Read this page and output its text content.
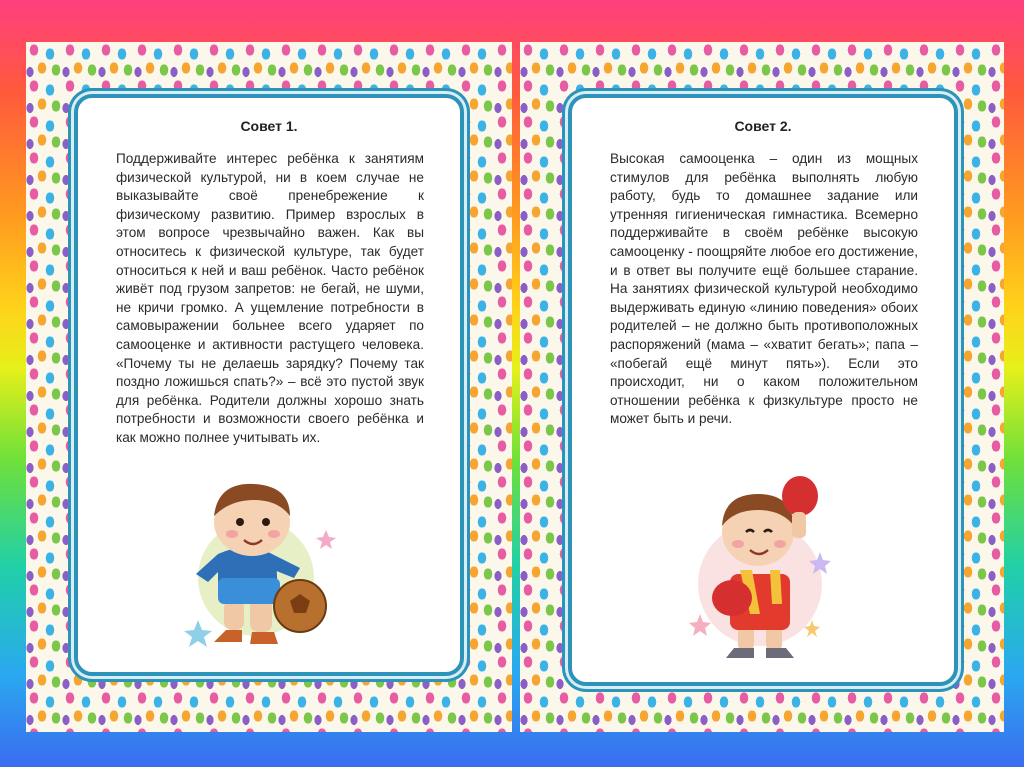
Совет 1.

Поддерживайте интерес ребёнка к занятиям физической культурой, ни в коем случае не выказывайте своё пренебрежение к физическому развитию. Пример взрослых в этом вопросе чрезвычайно важен. Как вы относитесь к физической культуре, так будет относиться к ней и ваш ребёнок. Часто ребёнок живёт под грузом запретов: не бегай, не шуми, не кричи громко. А ущемление потребности в самовыражении больнее всего ударяет по самооценке и активности растущего человека. «Почему ты не делаешь зарядку? Почему так поздно ложишься спать?» – всё это пустой звук для ребёнка. Родители должны хорошо знать потребности и возможности своего ребёнка и как можно полнее учитывать их.

Совет 2.

Высокая самооценка – один из мощных стимулов для ребёнка выполнять любую работу, будь то домашнее задание или утренняя гигиеническая гимнастика. Всемерно поддерживайте в своём ребёнке высокую самооценку - поощряйте любое его достижение, и в ответ вы получите ещё большее старание. На занятиях физической культурой необходимо выдерживать единую «линию поведения» обоих родителей – не должно быть противоположных распоряжений (мама – «хватит бегать»; папа – «побегай ещё минут пять»). Если это происходит, ни о каком положительном отношении ребёнка к физкультуре просто не может быть и речи.
